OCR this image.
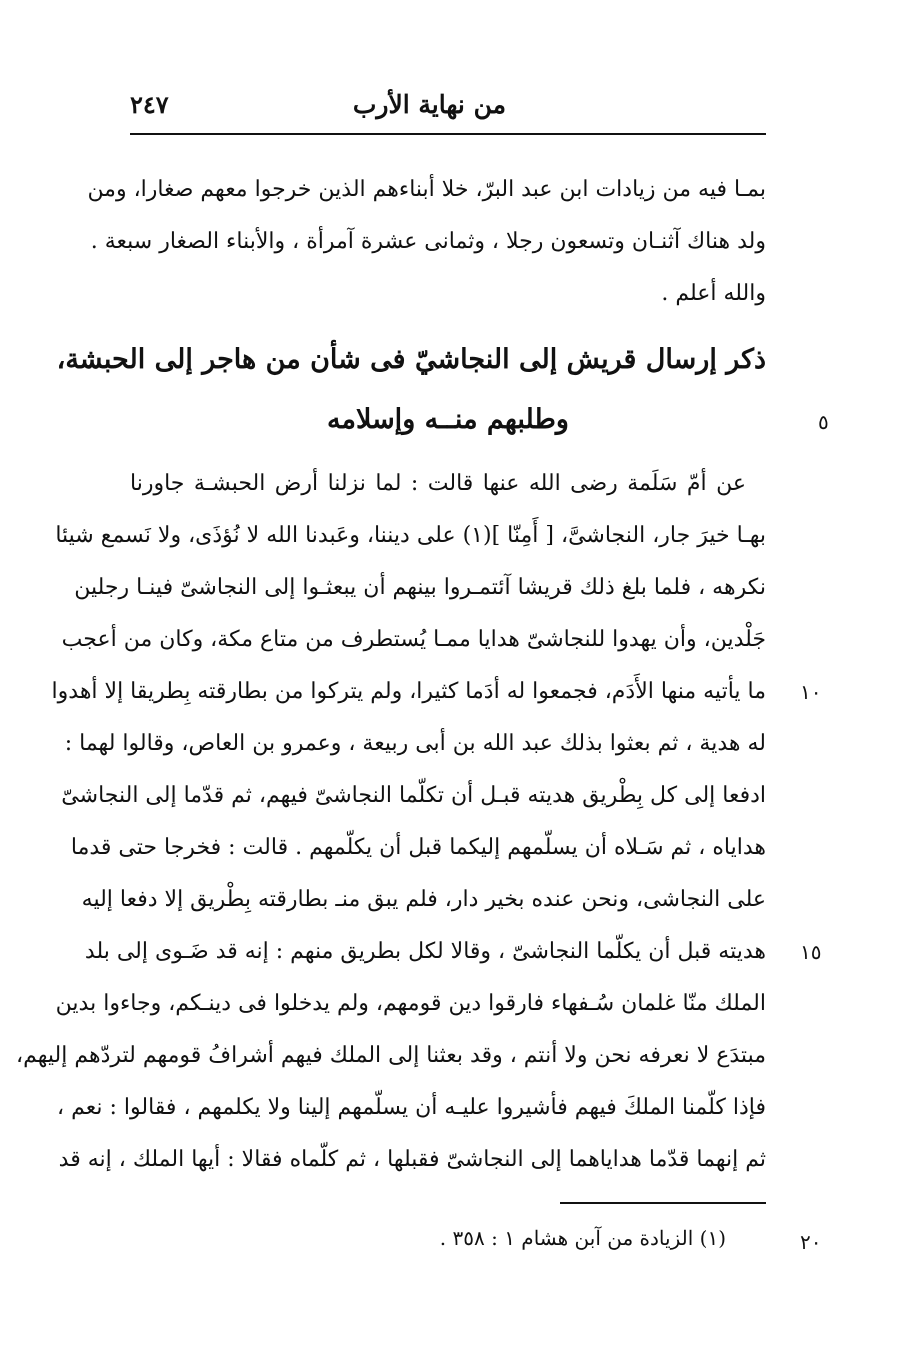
من نهاية الأرب
٢٤٧
بمـا فيه من زيادات ابن عبد البرّ، خلا أبناءهم الذين خرجوا معهم صغارا، ومن
ولد هناك آثنـان وتسعون رجلا ، وثمانى عشرة آمرأة ، والأبناء الصغار سبعة .
والله أعلم .
ذكر إرسال قريش إلى النجاشيّ فى شأن من هاجر إلى الحبشة،
وطلبهم منــه وإسلامه	٥
عن أمّ سَلَمة رضى الله عنها قالت : لما نزلنا أرض الحبشـة جاورنا
بهـا خيرَ جار، النجاشىَّ، [ أَمِنّا ](١) على ديننا، وعَبدنا الله لا نُؤذَى، ولا نَسمع شيئا
نكرهه ، فلما بلغ ذلك قريشا آئتمـروا بينهم أن يبعثـوا إلى النجاشىّ فينـا رجلين
جَلْدين، وأن يهدوا للنجاشىّ هدايا ممـا يُستطرف من متاع مكة، وكان من أعجب
ما يأتيه منها الأَدَم، فجمعوا له أدَما كثيرا، ولم يتركوا من بطارقته بِطريقا إلا أهدوا
له هدية ، ثم بعثوا بذلك عبد الله بن أبى ربيعة ، وعمرو بن العاص، وقالوا لهما :
ادفعا إلى كل بِطْريق هديته قبـل أن تكلّما النجاشىّ فيهم، ثم قدّما إلى النجاشىّ
هداياه ، ثم سَـلاه أن يسلّمهم إليكما قبل أن يكلّمهم . قالت : فخرجا حتى قدما
على النجاشى، ونحن عنده بخير دار، فلم يبق منـ بطارقته بِطْريق إلا دفعا إليه
هديته قبل أن يكلّما النجاشىّ ، وقالا لكل بطريق منهم : إنه قد ضَـوى إلى بلد
الملك منّا غلمان سُـفهاء فارقوا دين قومهم، ولم يدخلوا فى دينـكم، وجاءوا بدين
مبتدَع لا نعرفه نحن ولا أنتم ، وقد بعثنا إلى الملك فيهم أشرافُ قومهم لتردّهم إليهم،
فإذا كلّمنا الملكَ فيهم فأشيروا عليـه أن يسلّمهم إلينا ولا يكلمهم ، فقالوا : نعم ،
ثم إنهما قدّما هداياهما إلى النجاشىّ فقبلها ، ثم كلّماه فقالا : أيها الملك ، إنه قد
١٠
١٥
(١) الزيادة من آبن هشام ١ : ٣٥٨ .	٢٠
